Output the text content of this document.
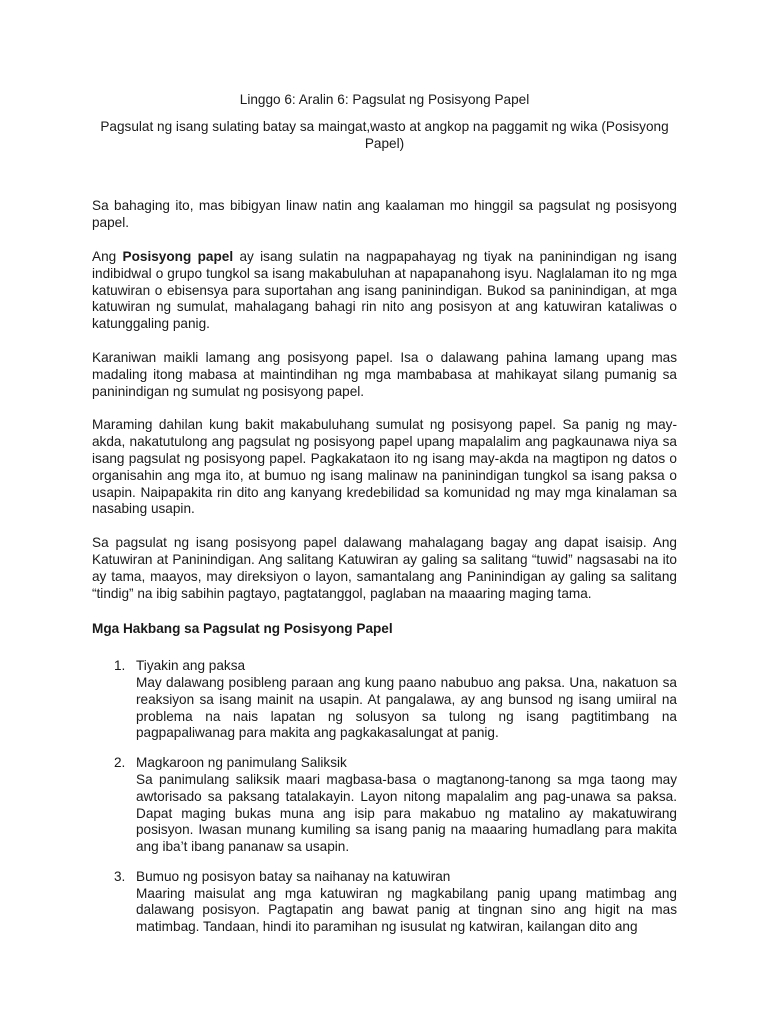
Linggo 6: Aralin 6: Pagsulat ng Posisyong Papel

Pagsulat ng isang sulating batay sa maingat,wasto at angkop na paggamit ng wika (Posisyong Papel)

Sa bahaging ito, mas bibigyan linaw natin ang kaalaman mo hinggil sa pagsulat ng posisyong papel.

Ang Posisyong papel ay isang sulatin na nagpapahayag ng tiyak na paninindigan ng isang indibidwal o grupo tungkol sa isang makabuluhan at napapanahong isyu. Naglalaman ito ng mga katuwiran o ebisensya para suportahan ang isang paninindigan. Bukod sa paninindigan, at mga katuwiran ng sumulat, mahalagang bahagi rin nito ang posisyon at ang katuwiran kataliwas o katunggaling panig.

Karaniwan maikli lamang ang posisyong papel. Isa o dalawang pahina lamang upang mas madaling itong mabasa at maintindihan ng mga mambabasa at mahikayat silang pumanig sa paninindigan ng sumulat ng posisyong papel.

Maraming dahilan kung bakit makabuluhang sumulat ng posisyong papel. Sa panig ng may-akda, nakatutulong ang pagsulat ng posisyong papel upang mapalalim ang pagkaunawa niya sa isang pagsulat ng posisyong papel. Pagkakataon ito ng isang may-akda na magtipon ng datos o organisahin ang mga ito, at bumuo ng isang malinaw na paninindigan tungkol sa isang paksa o usapin. Naipapakita rin dito ang kanyang kredebilidad sa komunidad ng may mga kinalaman sa nasabing usapin.

Sa pagsulat ng isang posisyong papel dalawang mahalagang bagay ang dapat isaisip. Ang Katuwiran at Paninindigan. Ang salitang Katuwiran ay galing sa salitang “tuwid” nagsasabi na ito ay tama, maayos, may direksiyon o layon, samantalang ang Paninindigan ay galing sa salitang “tindig” na ibig sabihin pagtayo, pagtatanggol, paglaban na maaaring maging tama.

Mga Hakbang sa Pagsulat ng Posisyong Papel

1. Tiyakin ang paksa
May dalawang posibleng paraan ang kung paano nabubuo ang paksa. Una, nakatuon sa reaksiyon sa isang mainit na usapin. At pangalawa, ay ang bunsod ng isang umiiral na problema na nais lapatan ng solusyon sa tulong ng isang pagtitimbang na pagpapaliwanag para makita ang pagkakasalungat at panig.
2. Magkaroon ng panimulang Saliksik
Sa panimulang saliksik maari magbasa-basa o magtanong-tanong sa mga taong may awtorisado sa paksang tatalakayin. Layon nitong mapalalim ang pag-unawa sa paksa. Dapat maging bukas muna ang isip para makabuo ng matalino ay makatuwirang posisyon. Iwasan munang kumiling sa isang panig na maaaring humadlang para makita ang iba’t ibang pananaw sa usapin.
3. Bumuo ng posisyon batay sa naihanay na katuwiran
Maaring maisulat ang mga katuwiran ng magkabilang panig upang matimbag ang dalawang posisyon. Pagtapatin ang bawat panig at tingnan sino ang higit na mas matimbag. Tandaan, hindi ito paramihan ng isusulat ng katwiran, kailangan dito ang
